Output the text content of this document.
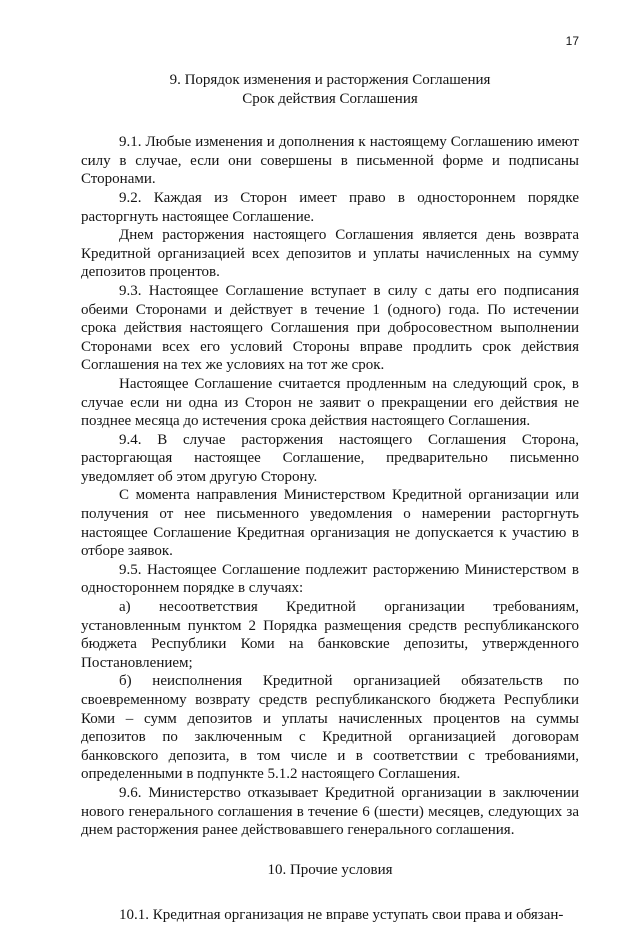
17
9. Порядок изменения и расторжения Соглашения
Срок действия Соглашения

9.1. Любые изменения и дополнения к настоящему Соглашению имеют силу в случае, если они совершены в письменной форме и подписаны Сторонами.

9.2. Каждая из Сторон имеет право в одностороннем порядке расторгнуть настоящее Соглашение.

Днем расторжения настоящего Соглашения является день возврата Кредитной организацией всех депозитов и уплаты начисленных на сумму депозитов процентов.

9.3. Настоящее Соглашение вступает в силу с даты его подписания обеими Сторонами и действует в течение 1 (одного) года. По истечении срока действия настоящего Соглашения при добросовестном выполнении Сторонами всех его условий Стороны вправе продлить срок действия Соглашения на тех же условиях на тот же срок.

Настоящее Соглашение считается продленным на следующий срок, в случае если ни одна из Сторон не заявит о прекращении его действия не позднее месяца до истечения срока действия настоящего Соглашения.

9.4. В случае расторжения настоящего Соглашения Сторона, расторгающая настоящее Соглашение, предварительно письменно уведомляет об этом другую Сторону.

С момента направления Министерством Кредитной организации или получения от нее письменного уведомления о намерении расторгнуть настоящее Соглашение Кредитная организация не допускается к участию в отборе заявок.

9.5. Настоящее Соглашение подлежит расторжению Министерством в одностороннем порядке в случаях:

а) несоответствия Кредитной организации требованиям, установленным пунктом 2 Порядка размещения средств республиканского бюджета Республики Коми на банковские депозиты, утвержденного Постановлением;

б) неисполнения Кредитной организацией обязательств по своевременному возврату средств республиканского бюджета Республики Коми – сумм депозитов и уплаты начисленных процентов на суммы депозитов по заключенным с Кредитной организацией договорам банковского депозита, в том числе и в соответствии с требованиями, определенными в подпункте 5.1.2 настоящего Соглашения.

9.6. Министерство отказывает Кредитной организации в заключении нового генерального соглашения в течение 6 (шести) месяцев, следующих за днем расторжения ранее действовавшего генерального соглашения.

10. Прочие условия

10.1. Кредитная организация не вправе уступать свои права и обязан-
